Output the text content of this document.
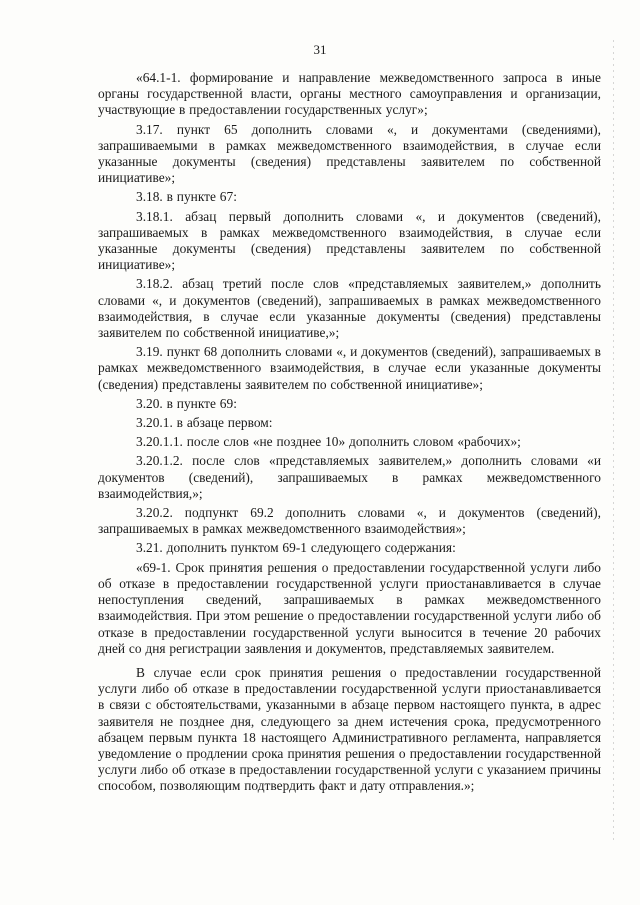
31

«64.1-1. формирование и направление межведомственного запроса в иные органы государственной власти, органы местного самоуправления и организации, участвующие в предоставлении государственных услуг»;

3.17. пункт 65 дополнить словами «, и документами (сведениями), запрашиваемыми в рамках межведомственного взаимодействия, в случае если указанные документы (сведения) представлены заявителем по собственной инициативе»;

3.18. в пункте 67:

3.18.1. абзац первый дополнить словами «, и документов (сведений), запрашиваемых в рамках межведомственного взаимодействия, в случае если указанные документы (сведения) представлены заявителем по собственной инициативе»;

3.18.2. абзац третий после слов «представляемых заявителем,» дополнить словами «, и документов (сведений), запрашиваемых в рамках межведомственного взаимодействия, в случае если указанные документы (сведения) представлены заявителем по собственной инициативе,»;

3.19. пункт 68 дополнить словами «, и документов (сведений), запрашиваемых в рамках межведомственного взаимодействия, в случае если указанные документы (сведения) представлены заявителем по собственной инициативе»;

3.20. в пункте 69:

3.20.1. в абзаце первом:

3.20.1.1. после слов «не позднее 10» дополнить словом «рабочих»;

3.20.1.2. после слов «представляемых заявителем,» дополнить словами «и документов (сведений), запрашиваемых в рамках межведомственного взаимодействия,»;

3.20.2. подпункт 69.2 дополнить словами «, и документов (сведений), запрашиваемых в рамках межведомственного взаимодействия»;

3.21. дополнить пунктом 69-1 следующего содержания:

«69-1. Срок принятия решения о предоставлении государственной услуги либо об отказе в предоставлении государственной услуги приостанавливается в случае непоступления сведений, запрашиваемых в рамках межведомственного взаимодействия. При этом решение о предоставлении государственной услуги либо об отказе в предоставлении государственной услуги выносится в течение 20 рабочих дней со дня регистрации заявления и документов, представляемых заявителем.

В случае если срок принятия решения о предоставлении государственной услуги либо об отказе в предоставлении государственной услуги приостанавливается в связи с обстоятельствами, указанными в абзаце первом настоящего пункта, в адрес заявителя не позднее дня, следующего за днем истечения срока, предусмотренного абзацем первым пункта 18 настоящего Административного регламента, направляется уведомление о продлении срока принятия решения о предоставлении государственной услуги либо об отказе в предоставлении государственной услуги с указанием причины способом, позволяющим подтвердить факт и дату отправления.»;
